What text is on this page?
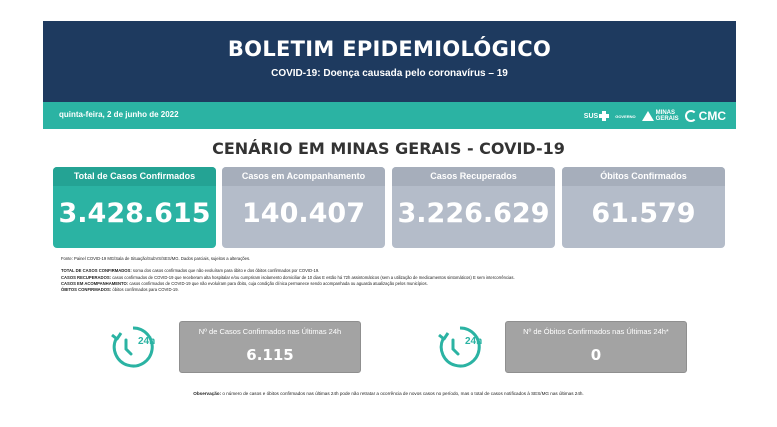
BOLETIM EPIDEMIOLÓGICO
COVID-19: Doença causada pelo coronavírus – 19
quinta-feira, 2 de junho de 2022	SUS	GOVERNO	MINAS
GERAIS CMC
CENÁRIO EM MINAS GERAIS - COVID-19
Total de Casos Confirmados
3.428.615
Casos em Acompanhamento
140.407
Casos Recuperados
3.226.629
Óbitos Confirmados
61.579
Fonte: Painel COVID-19 MG/Sala de Situação/SubVS/SES/MG. Dados parciais, sujeitos a alterações.
TOTAL DE CASOS CONFIRMADOS: soma dos casos confirmados que não evoluíram para óbito e dos óbitos confirmados por COVID-19.
CASOS RECUPERADOS: casos confirmados de COVID-19 que receberam alta hospitalar e/ou cumpriram isolamento domiciliar de 10 dias E estão há 72h assintomáticos (sem a utilização de medicamentos sintomáticos) E sem intercorrências.
CASOS EM ACOMPANHAMENTO: casos confirmados de COVID-19 que não evoluíram para óbito, cuja condição clínica permanece sendo acompanhada ou aguarda atualização pelos municípios.
ÓBITOS CONFIRMADOS: óbitos confirmados para COVID-19.
24h
Nº de Casos Confirmados nas Últimas 24h
6.115
24h
Nº de Óbitos Confirmados nas Últimas 24h*
0
Observação: o número de casos e óbitos confirmados nas últimas 24h pode não retratar a ocorrência de novos casos no período, mas o total de casos notificados à SES/MG nas últimas 24h.
